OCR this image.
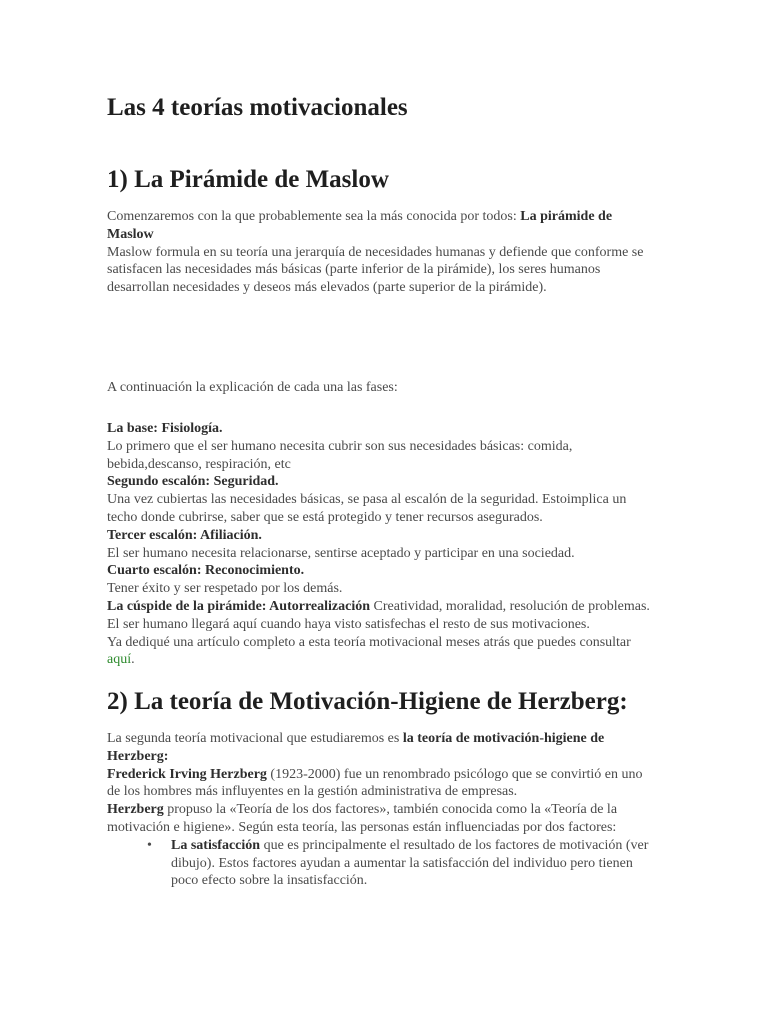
Las 4 teorías motivacionales
1) La Pirámide de Maslow

Comenzaremos con la que probablemente sea la más conocida por todos: La pirámide de Maslow

Maslow formula en su teoría una jerarquía de necesidades humanas y defiende que conforme se satisfacen las necesidades más básicas (parte inferior de la pirámide), los seres humanos desarrollan necesidades y deseos más elevados (parte superior de la pirámide).

A continuación la explicación de cada una las fases:

La base: Fisiología.

Lo primero que el ser humano necesita cubrir son sus necesidades básicas: comida, bebida,descanso, respiración, etc

Segundo escalón: Seguridad.

Una vez cubiertas las necesidades básicas, se pasa al escalón de la seguridad. Estoimplica un techo donde cubrirse, saber que se está protegido y tener recursos asegurados.

Tercer escalón: Afiliación.

El ser humano necesita relacionarse, sentirse aceptado y participar en una sociedad.

Cuarto escalón: Reconocimiento.

Tener éxito y ser respetado por los demás.

La cúspide de la pirámide: Autorrealización Creatividad, moralidad, resolución de problemas. El ser humano llegará aquí cuando haya visto satisfechas el resto de sus motivaciones.

Ya dediqué una artículo completo a esta teoría motivacional meses atrás que puedes consultar aquí.

2) La teoría de Motivación-Higiene de Herzberg:

La segunda teoría motivacional que estudiaremos es la teoría de motivación-higiene de Herzberg:

Frederick Irving Herzberg (1923-2000) fue un renombrado psicólogo que se convirtió en uno de los hombres más influyentes en la gestión administrativa de empresas.

Herzberg propuso la «Teoría de los dos factores», también conocida como la «Teoría de la motivación e higiene». Según esta teoría, las personas están influenciadas por dos factores:

• La satisfacción que es principalmente el resultado de los factores de motivación (ver dibujo). Estos factores ayudan a aumentar la satisfacción del individuo pero tienen poco efecto sobre la insatisfacción.
